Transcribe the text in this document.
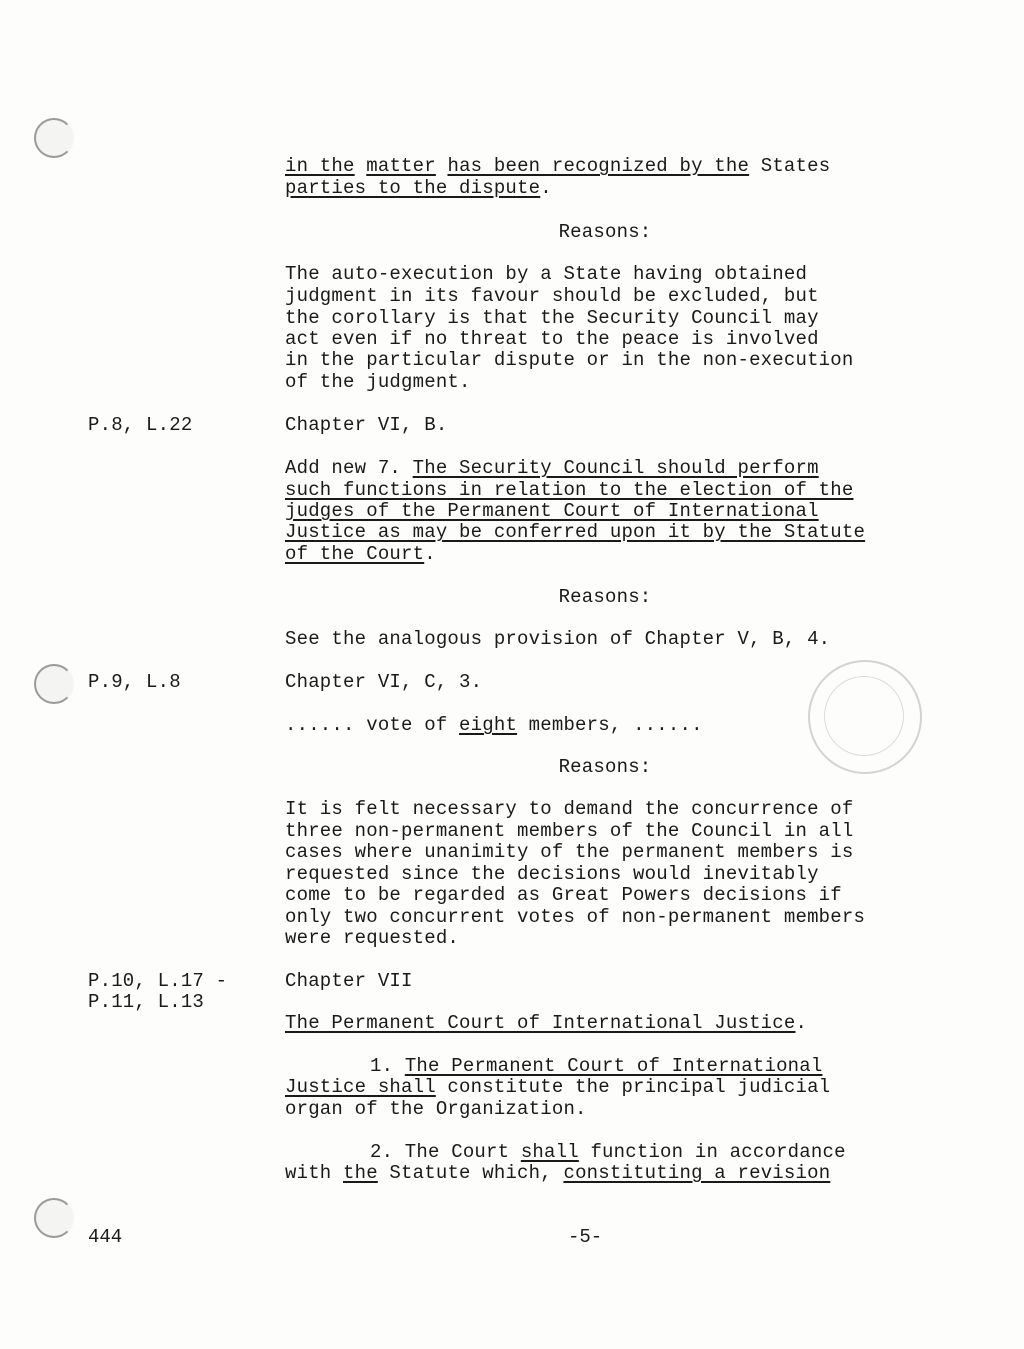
in the matter has been recognized by the States
parties to the dispute.
Reasons:
The auto-execution by a State having obtained
judgment in its favour should be excluded, but
the corollary is that the Security Council may
act even if no threat to the peace is involved
in the particular dispute or in the non-execution
of the judgment.
P.8, L.22	Chapter VI, B.
Add new 7. The Security Council should perform
such functions in relation to the election of the
judges of the Permanent Court of International
Justice as may be conferred upon it by the Statute
of the Court.
Reasons:
See the analogous provision of Chapter V, B, 4.
P.9, L.8	Chapter VI, C, 3.
...... vote of eight members, ......
Reasons:
It is felt necessary to demand the concurrence of
three non-permanent members of the Council in all
cases where unanimity of the permanent members is
requested since the decisions would inevitably
come to be regarded as Great Powers decisions if
only two concurrent votes of non-permanent members
were requested.
P.10, L.17 -
P.11, L.13
Chapter VII
The Permanent Court of International Justice.
1. The Permanent Court of International
Justice shall constitute the principal judicial
organ of the Organization.
2. The Court shall function in accordance
with the Statute which, constituting a revision
444	-5-
